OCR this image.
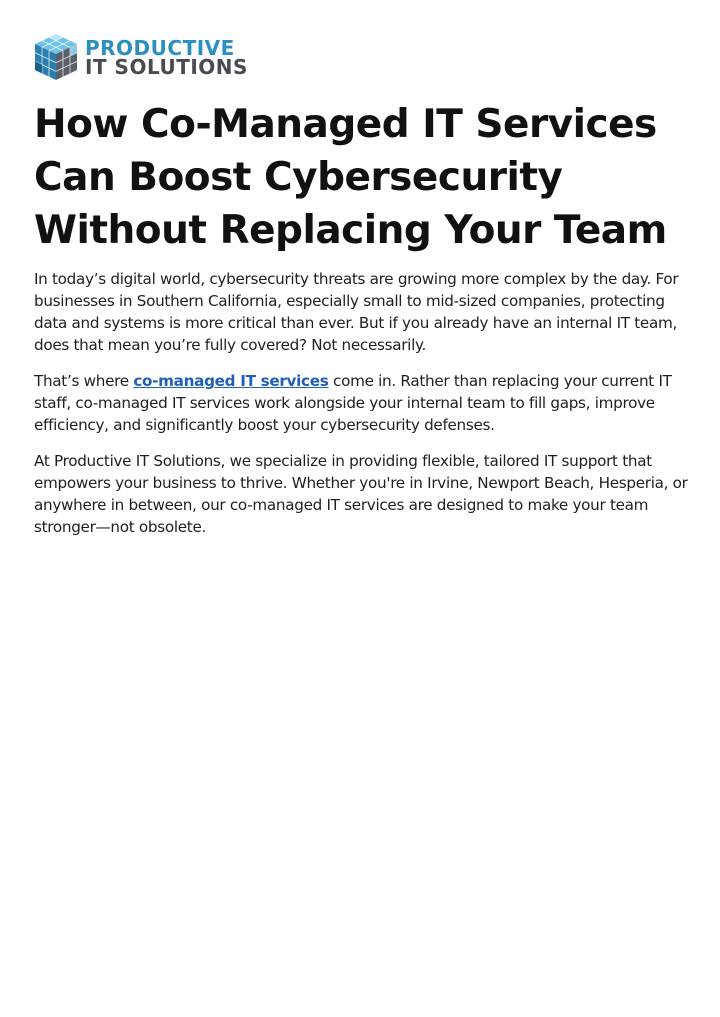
PRODUCTIVE
IT SOLUTIONS
How Co-Managed IT Services Can Boost Cybersecurity Without Replacing Your Team

In today’s digital world, cybersecurity threats are growing more complex by the day. For businesses in Southern California, especially small to mid-sized companies, protecting data and systems is more critical than ever. But if you already have an internal IT team, does that mean you’re fully covered? Not necessarily.

That’s where co-managed IT services come in. Rather than replacing your current IT staff, co-managed IT services work alongside your internal team to fill gaps, improve efficiency, and significantly boost your cybersecurity defenses.

At Productive IT Solutions, we specialize in providing flexible, tailored IT support that empowers your business to thrive. Whether you're in Irvine, Newport Beach, Hesperia, or anywhere in between, our co-managed IT services are designed to make your team stronger—not obsolete.
